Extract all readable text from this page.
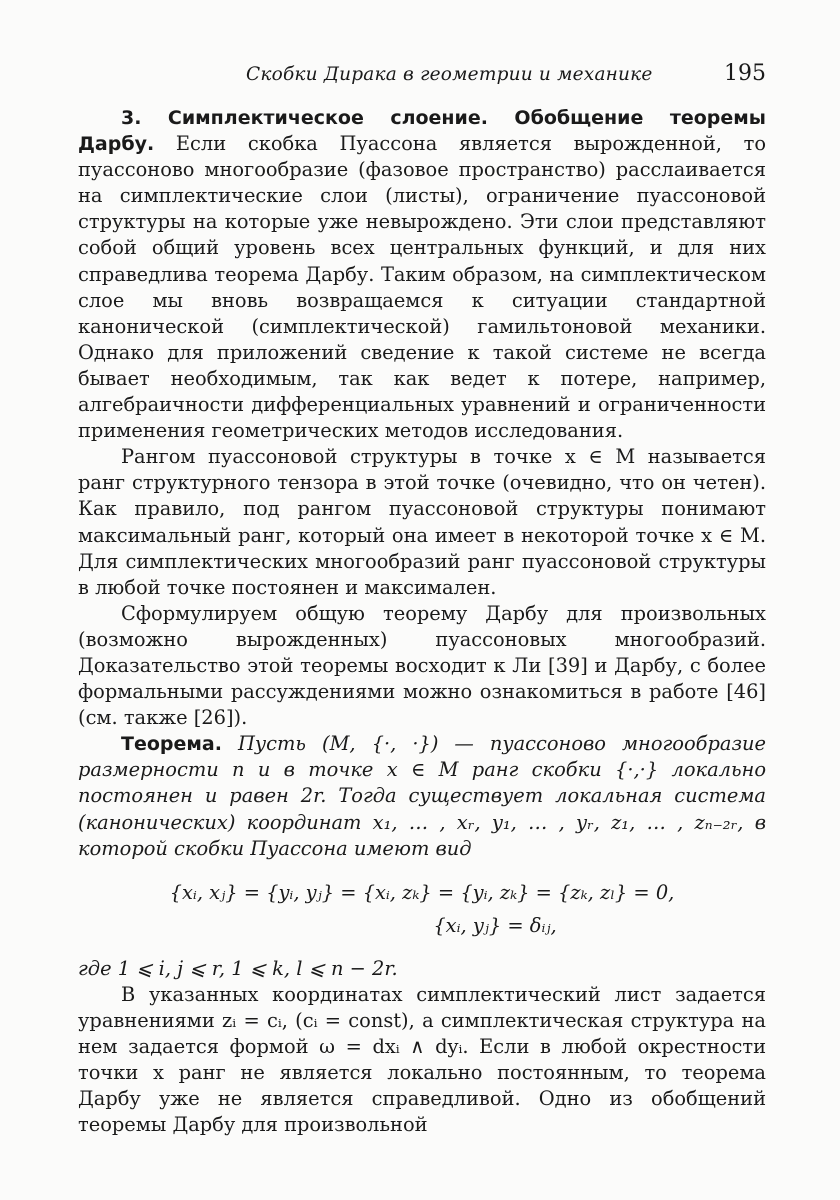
Скобки Дирака в геометрии и механике	195

3. Симплектическое слоение. Обобщение теоремы Дарбу. Если скобка Пуассона является вырожденной, то пуассоново многообразие (фазовое пространство) расслаивается на симплектические слои (листы), ограничение пуассоновой структуры на которые уже невырождено. Эти слои представляют собой общий уровень всех центральных функций, и для них справедлива теорема Дарбу. Таким образом, на симплектическом слое мы вновь возвращаемся к ситуации стандартной канонической (симплектической) гамильтоновой механики. Однако для приложений сведение к такой системе не всегда бывает необходимым, так как ведет к потере, например, алгебраичности дифференциальных уравнений и ограниченности применения геометрических методов исследования.

Рангом пуассоновой структуры в точке x ∈ M называется ранг структурного тензора в этой точке (очевидно, что он четен). Как правило, под рангом пуассоновой структуры понимают максимальный ранг, который она имеет в некоторой точке x ∈ M. Для симплектических многообразий ранг пуассоновой структуры в любой точке постоянен и максимален.

Сформулируем общую теорему Дарбу для произвольных (возможно вырожденных) пуассоновых многообразий. Доказательство этой теоремы восходит к Ли [39] и Дарбу, с более формальными рассуждениями можно ознакомиться в работе [46] (см. также [26]).

Теорема. Пусть (M, {·, ·}) — пуассоново многообразие размерности n и в точке x ∈ M ранг скобки {·,·} локально постоянен и равен 2r. Тогда существует локальная система (канонических) координат x₁, … , xᵣ, y₁, … , yᵣ, z₁, … , zₙ₋₂ᵣ, в которой скобки Пуассона имеют вид

{xᵢ, xⱼ} = {yᵢ, yⱼ} = {xᵢ, zₖ} = {yᵢ, zₖ} = {zₖ, zₗ} = 0,
{xᵢ, yⱼ} = δᵢⱼ,

где 1 ⩽ i, j ⩽ r, 1 ⩽ k, l ⩽ n − 2r.

В указанных координатах симплектический лист задается уравнениями zᵢ = cᵢ, (cᵢ = const), а симплектическая структура на нем задается формой ω = dxᵢ ∧ dyᵢ. Если в любой окрестности точки x ранг не является локально постоянным, то теорема Дарбу уже не является справедливой. Одно из обобщений теоремы Дарбу для произвольной
